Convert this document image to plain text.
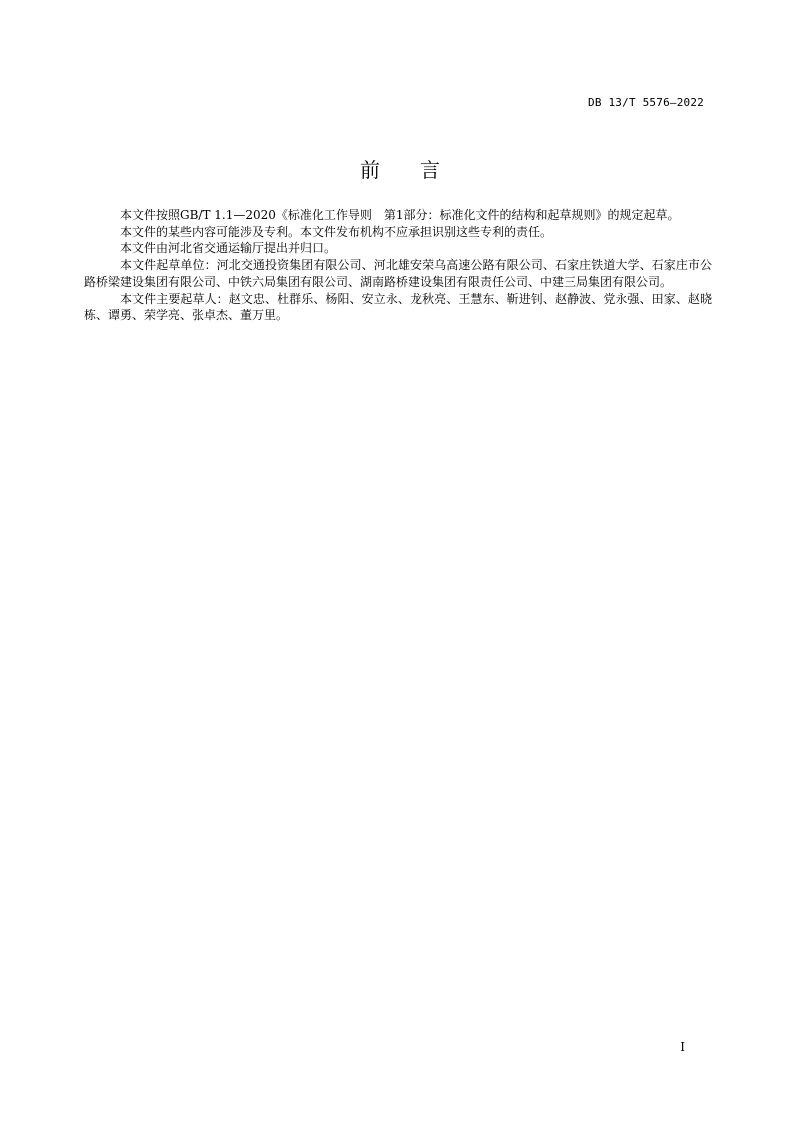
DB 13/T 5576—2022
前言

本文件按照GB/T 1.1—2020《标准化工作导则　第1部分：标准化文件的结构和起草规则》的规定起草。

本文件的某些内容可能涉及专利。本文件发布机构不应承担识别这些专利的责任。

本文件由河北省交通运输厅提出并归口。

本文件起草单位：河北交通投资集团有限公司、河北雄安荣乌高速公路有限公司、石家庄铁道大学、石家庄市公路桥梁建设集团有限公司、中铁六局集团有限公司、湖南路桥建设集团有限责任公司、中建三局集团有限公司。

本文件主要起草人：赵文忠、杜群乐、杨阳、安立永、龙秋亮、王慧东、靳进钊、赵静波、党永强、田家、赵晓栋、谭勇、荣学亮、张卓杰、董万里。

I
